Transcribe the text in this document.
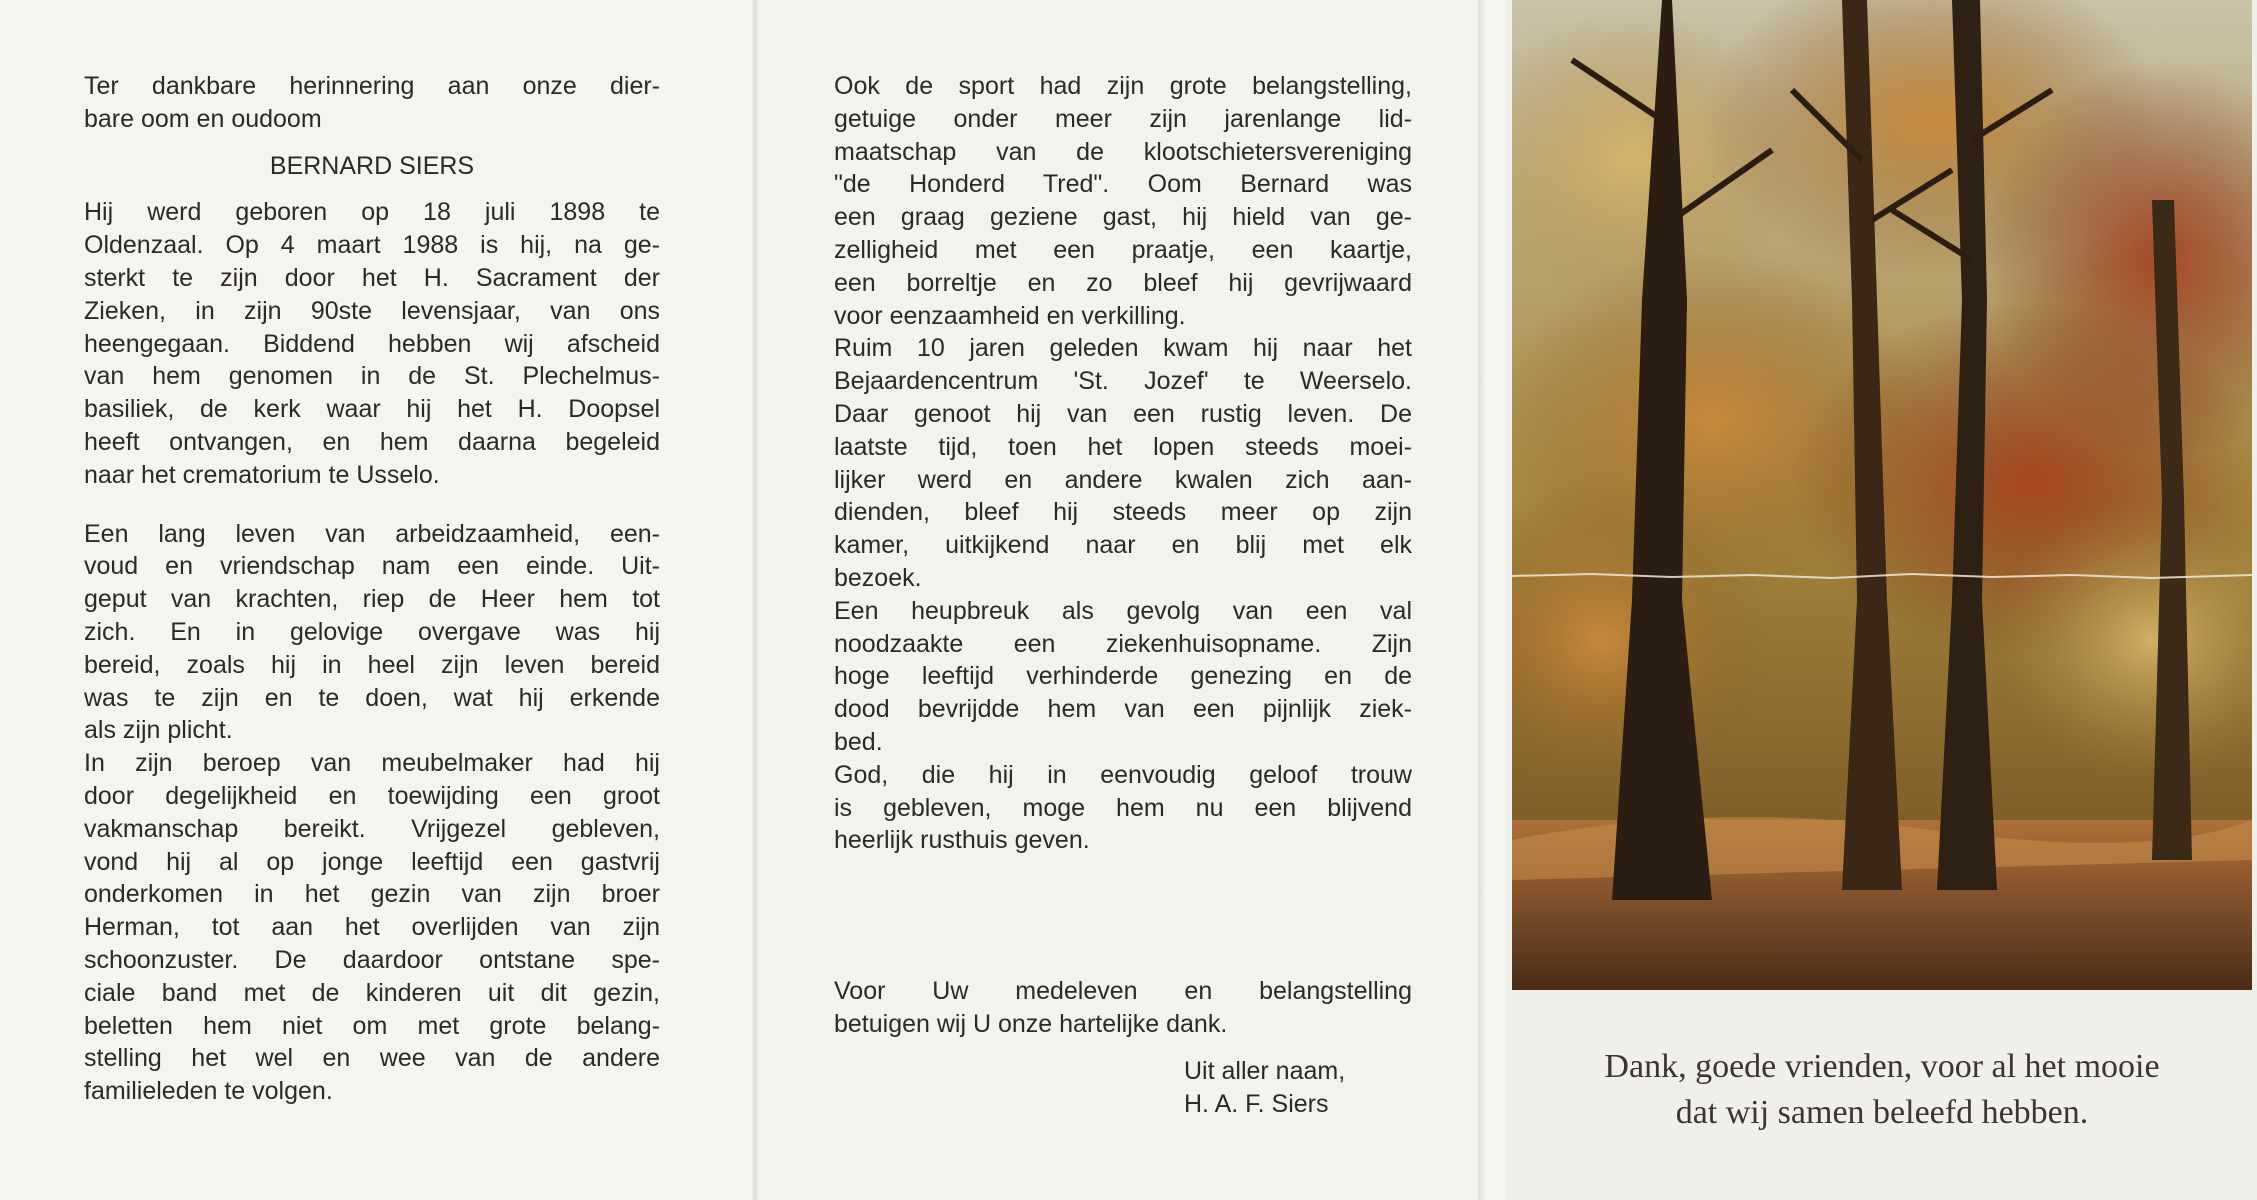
Ter dankbare herinnering aan onze dier-

bare oom en oudoom

BERNARD SIERS

Hij werd geboren op 18 juli 1898 te

Oldenzaal. Op 4 maart 1988 is hij, na ge-

sterkt te zijn door het H. Sacrament der

Zieken, in zijn 90ste levensjaar, van ons

heengegaan. Biddend hebben wij afscheid

van hem genomen in de St. Plechelmus-

basiliek, de kerk waar hij het H. Doopsel

heeft ontvangen, en hem daarna begeleid

naar het crematorium te Usselo.

Een lang leven van arbeidzaamheid, een-

voud en vriendschap nam een einde. Uit-

geput van krachten, riep de Heer hem tot

zich. En in gelovige overgave was hij

bereid, zoals hij in heel zijn leven bereid

was te zijn en te doen, wat hij erkende

als zijn plicht.

In zijn beroep van meubelmaker had hij

door degelijkheid en toewijding een groot

vakmanschap bereikt. Vrijgezel gebleven,

vond hij al op jonge leeftijd een gastvrij

onderkomen in het gezin van zijn broer

Herman, tot aan het overlijden van zijn

schoonzuster. De daardoor ontstane spe-

ciale band met de kinderen uit dit gezin,

beletten hem niet om met grote belang-

stelling het wel en wee van de andere

familieleden te volgen.

Ook de sport had zijn grote belangstelling,

getuige onder meer zijn jarenlange lid-

maatschap van de klootschietersvereniging

"de Honderd Tred". Oom Bernard was

een graag geziene gast, hij hield van ge-

zelligheid met een praatje, een kaartje,

een borreltje en zo bleef hij gevrijwaard

voor eenzaamheid en verkilling.

Ruim 10 jaren geleden kwam hij naar het

Bejaardencentrum 'St. Jozef' te Weerselo.

Daar genoot hij van een rustig leven. De

laatste tijd, toen het lopen steeds moei-

lijker werd en andere kwalen zich aan-

dienden, bleef hij steeds meer op zijn

kamer, uitkijkend naar en blij met elk

bezoek.

Een heupbreuk als gevolg van een val

noodzaakte een ziekenhuisopname. Zijn

hoge leeftijd verhinderde genezing en de

dood bevrijdde hem van een pijnlijk ziek-

bed.

God, die hij in eenvoudig geloof trouw

is gebleven, moge hem nu een blijvend

heerlijk rusthuis geven.

Voor Uw medeleven en belangstelling

betuigen wij U onze hartelijke dank.

Uit aller naam,

H. A. F. Siers

Dank, goede vrienden, voor al het mooie
dat wij samen beleefd hebben.
